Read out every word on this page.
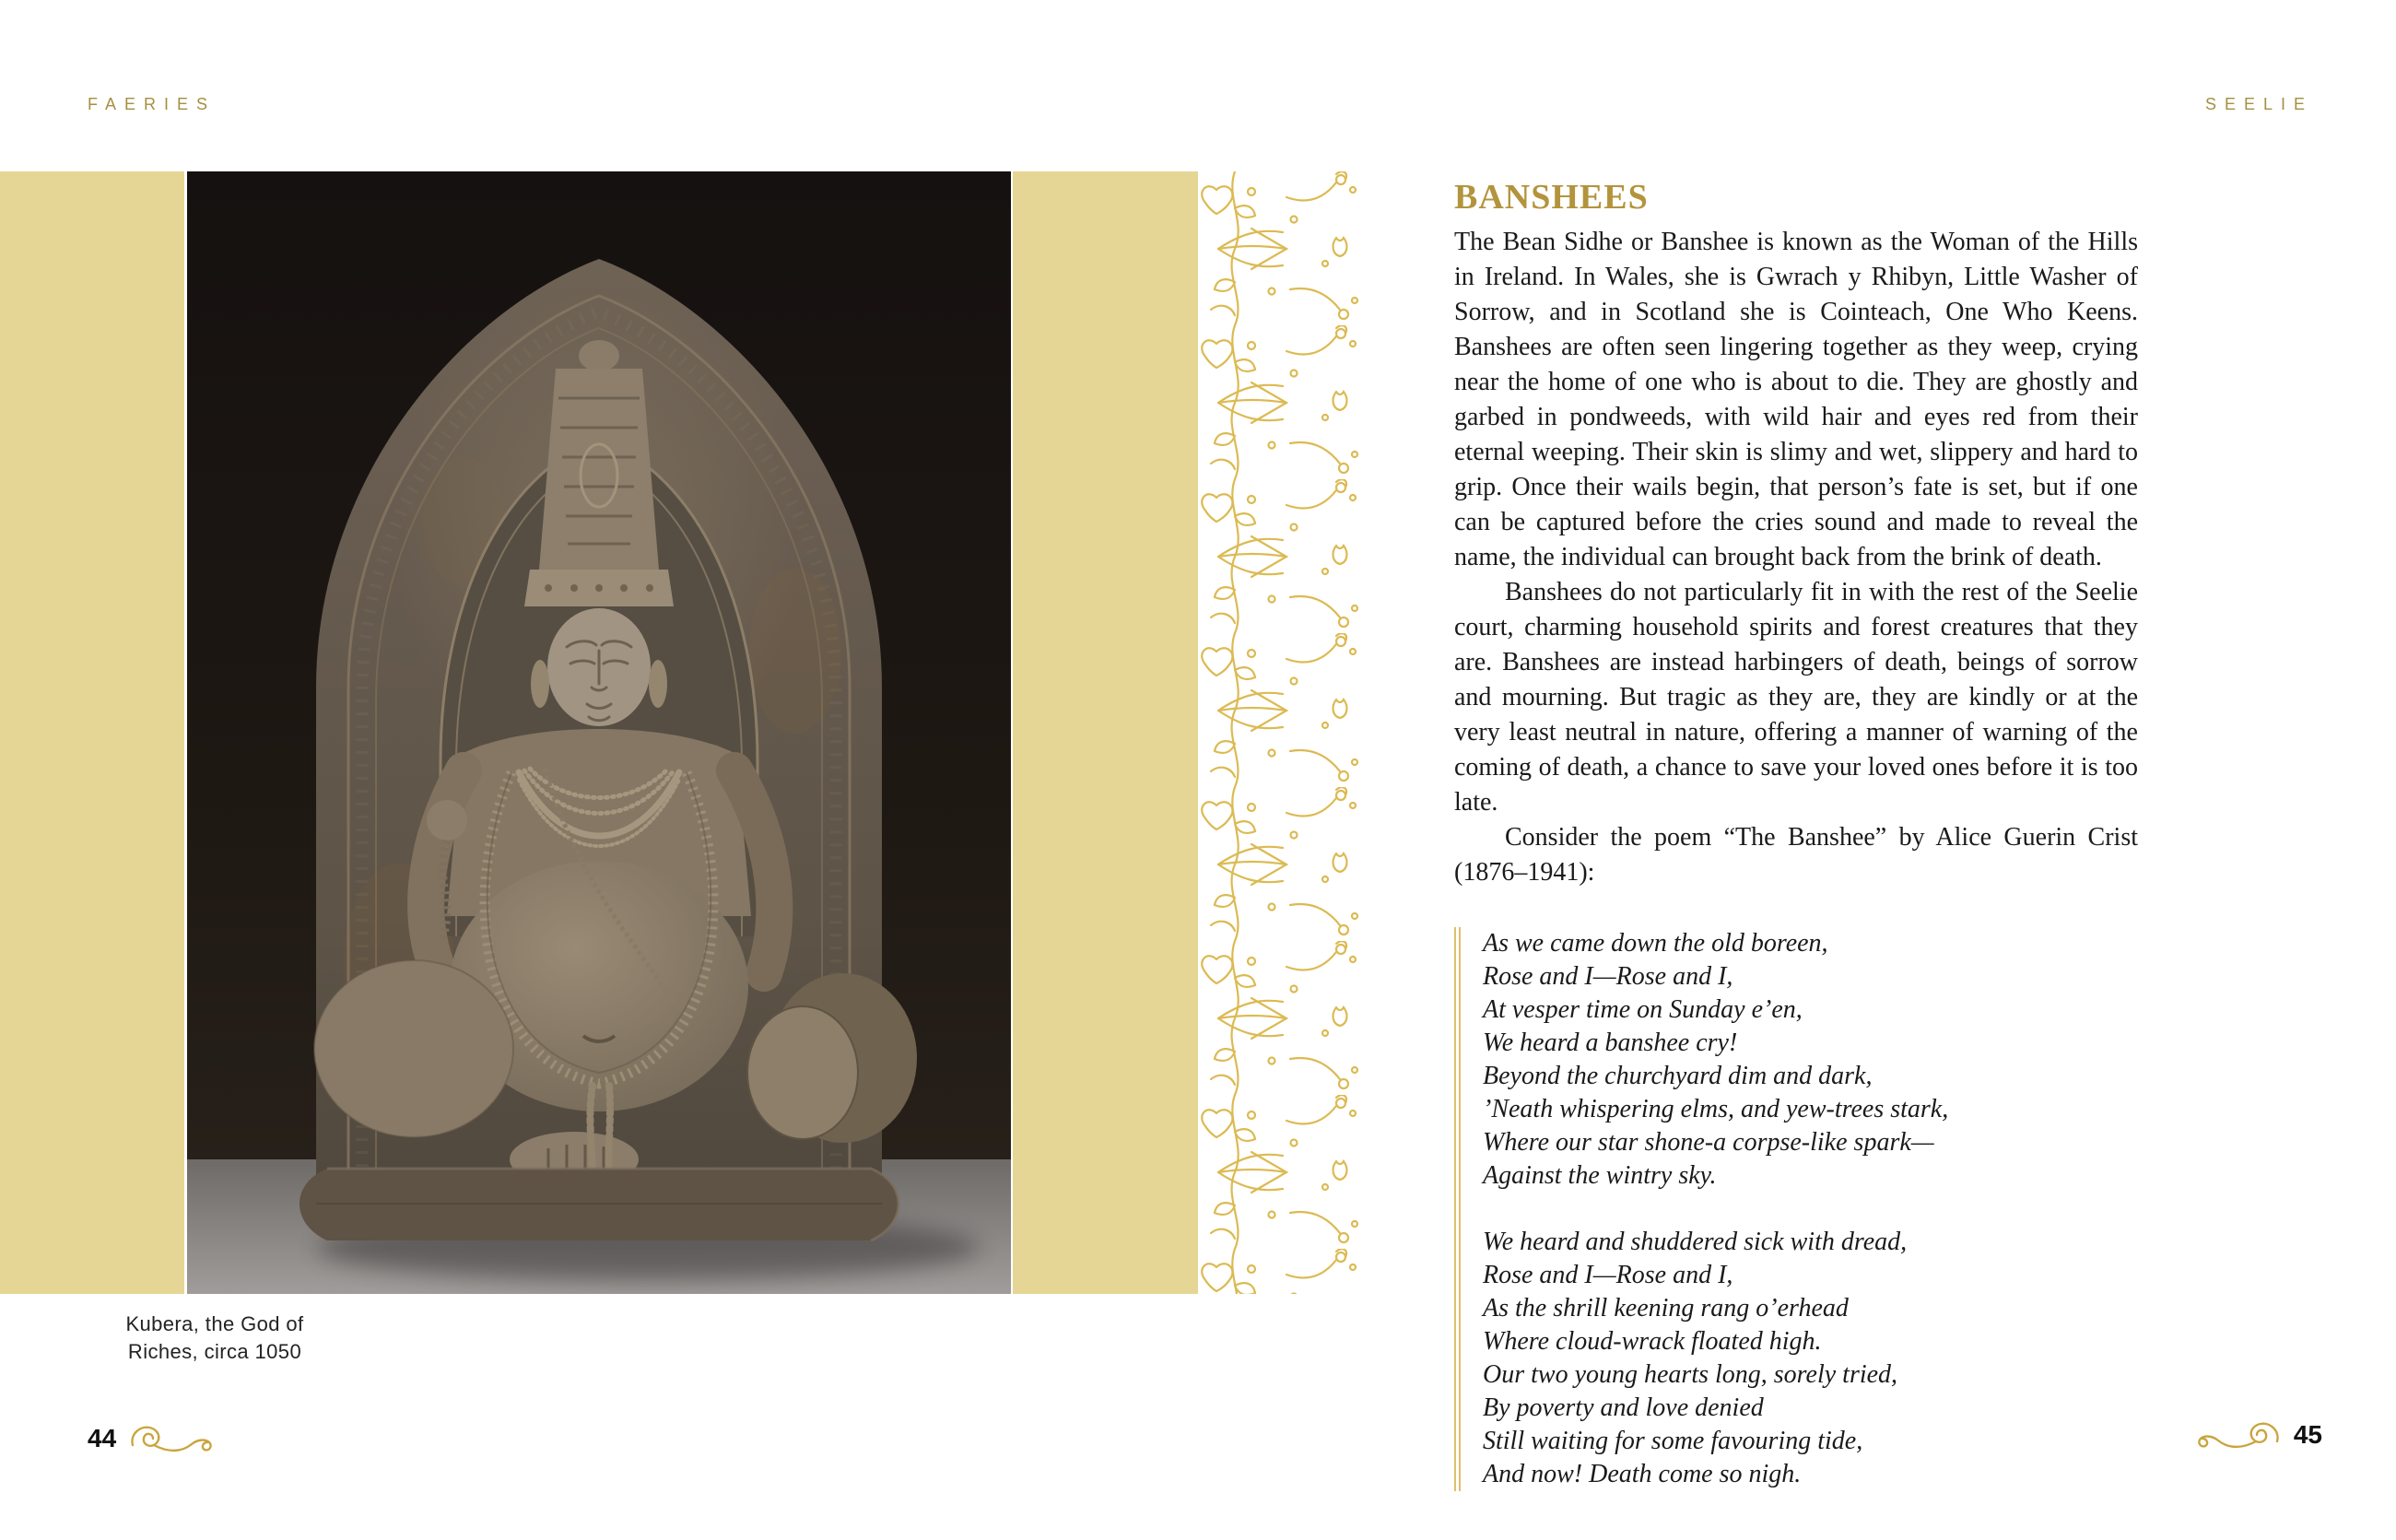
FAERIES	SEELIE
Kubera, the God of
Riches, circa 1050
44	45
BANSHEES

The Bean Sidhe or Banshee is known as the Woman of the Hills in Ireland. In Wales, she is Gwrach y Rhibyn, Little Washer of Sorrow, and in Scotland she is Cointeach, One Who Keens. Banshees are often seen lingering together as they weep, crying near the home of one who is about to die. They are ghostly and garbed in pondweeds, with wild hair and eyes red from their eternal weeping. Their skin is slimy and wet, slippery and hard to grip. Once their wails begin, that person’s fate is set, but if one can be captured before the cries sound and made to reveal the name, the individual can brought back from the brink of death.

Banshees do not particularly fit in with the rest of the Seelie court, charming household spirits and forest creatures that they are. Banshees are instead harbingers of death, beings of sorrow and mourning. But tragic as they are, they are kindly or at the very least neutral in nature, offering a manner of warning of the coming of death, a chance to save your loved ones before it is too late.

Consider the poem “The Banshee” by Alice Guerin Crist (1876–1941):

As we came down the old boreen,
Rose and I—Rose and I,
At vesper time on Sunday e’en,
We heard a banshee cry!
Beyond the churchyard dim and dark,
’Neath whispering elms, and yew-trees stark,
Where our star shone-a corpse-like spark—
Against the wintry sky.
We heard and shuddered sick with dread,
Rose and I—Rose and I,
As the shrill keening rang o’erhead
Where cloud-wrack floated high.
Our two young hearts long, sorely tried,
By poverty and love denied
Still waiting for some favouring tide,
And now! Death come so nigh.
